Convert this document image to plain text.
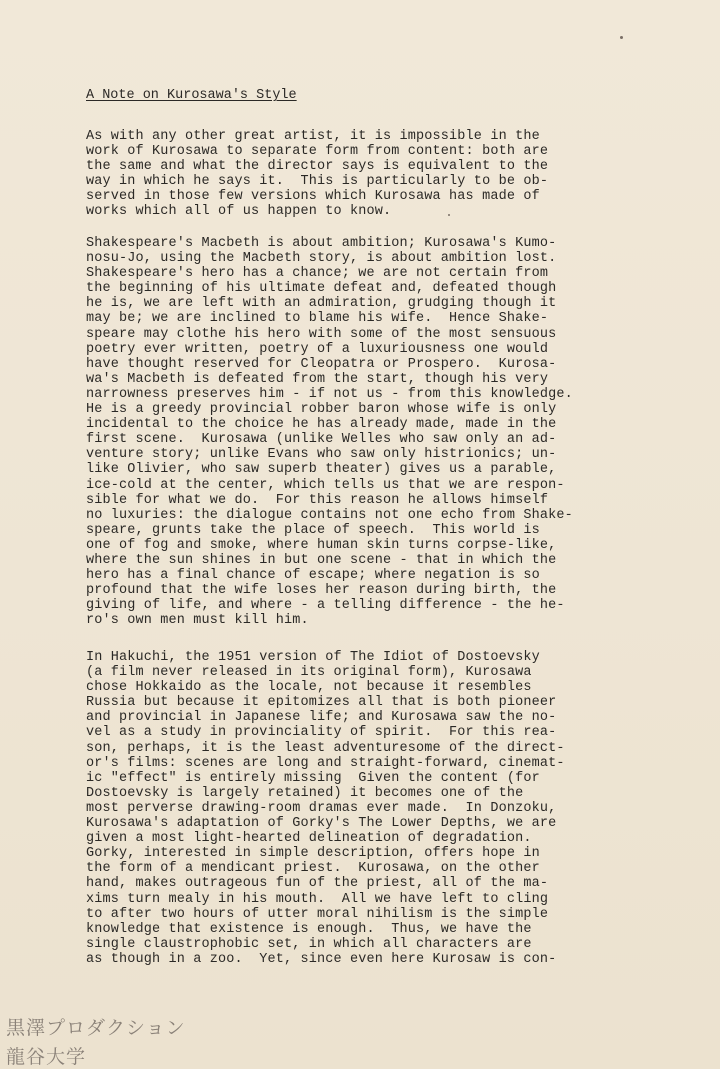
A Note on Kurosawa's Style
As with any other great artist, it is impossible in the
work of Kurosawa to separate form from content: both are
the same and what the director says is equivalent to the
way in which he says it.  This is particularly to be ob-
served in those few versions which Kurosawa has made of
works which all of us happen to know.
Shakespeare's Macbeth is about ambition; Kurosawa's Kumo-
nosu-Jo, using the Macbeth story, is about ambition lost.
Shakespeare's hero has a chance; we are not certain from
the beginning of his ultimate defeat and, defeated though
he is, we are left with an admiration, grudging though it
may be; we are inclined to blame his wife.  Hence Shake-
speare may clothe his hero with some of the most sensuous
poetry ever written, poetry of a luxuriousness one would
have thought reserved for Cleopatra or Prospero.  Kurosa-
wa's Macbeth is defeated from the start, though his very
narrowness preserves him - if not us - from this knowledge.
He is a greedy provincial robber baron whose wife is only
incidental to the choice he has already made, made in the
first scene.  Kurosawa (unlike Welles who saw only an ad-
venture story; unlike Evans who saw only histrionics; un-
like Olivier, who saw superb theater) gives us a parable,
ice-cold at the center, which tells us that we are respon-
sible for what we do.  For this reason he allows himself
no luxuries: the dialogue contains not one echo from Shake-
speare, grunts take the place of speech.  This world is
one of fog and smoke, where human skin turns corpse-like,
where the sun shines in but one scene - that in which the
hero has a final chance of escape; where negation is so
profound that the wife loses her reason during birth, the
giving of life, and where - a telling difference - the he-
ro's own men must kill him.
In Hakuchi, the 1951 version of The Idiot of Dostoevsky
(a film never released in its original form), Kurosawa
chose Hokkaido as the locale, not because it resembles
Russia but because it epitomizes all that is both pioneer
and provincial in Japanese life; and Kurosawa saw the no-
vel as a study in provinciality of spirit.  For this rea-
son, perhaps, it is the least adventuresome of the direct-
or's films: scenes are long and straight-forward, cinemat-
ic "effect" is entirely missing  Given the content (for
Dostoevsky is largely retained) it becomes one of the
most perverse drawing-room dramas ever made.  In Donzoku,
Kurosawa's adaptation of Gorky's The Lower Depths, we are
given a most light-hearted delineation of degradation.
Gorky, interested in simple description, offers hope in
the form of a mendicant priest.  Kurosawa, on the other
hand, makes outrageous fun of the priest, all of the ma-
xims turn mealy in his mouth.  All we have left to cling
to after two hours of utter moral nihilism is the simple
knowledge that existence is enough.  Thus, we have the
single claustrophobic set, in which all characters are
as though in a zoo.  Yet, since even here Kurosaw is con-
黒澤プロダクション
龍谷大学
